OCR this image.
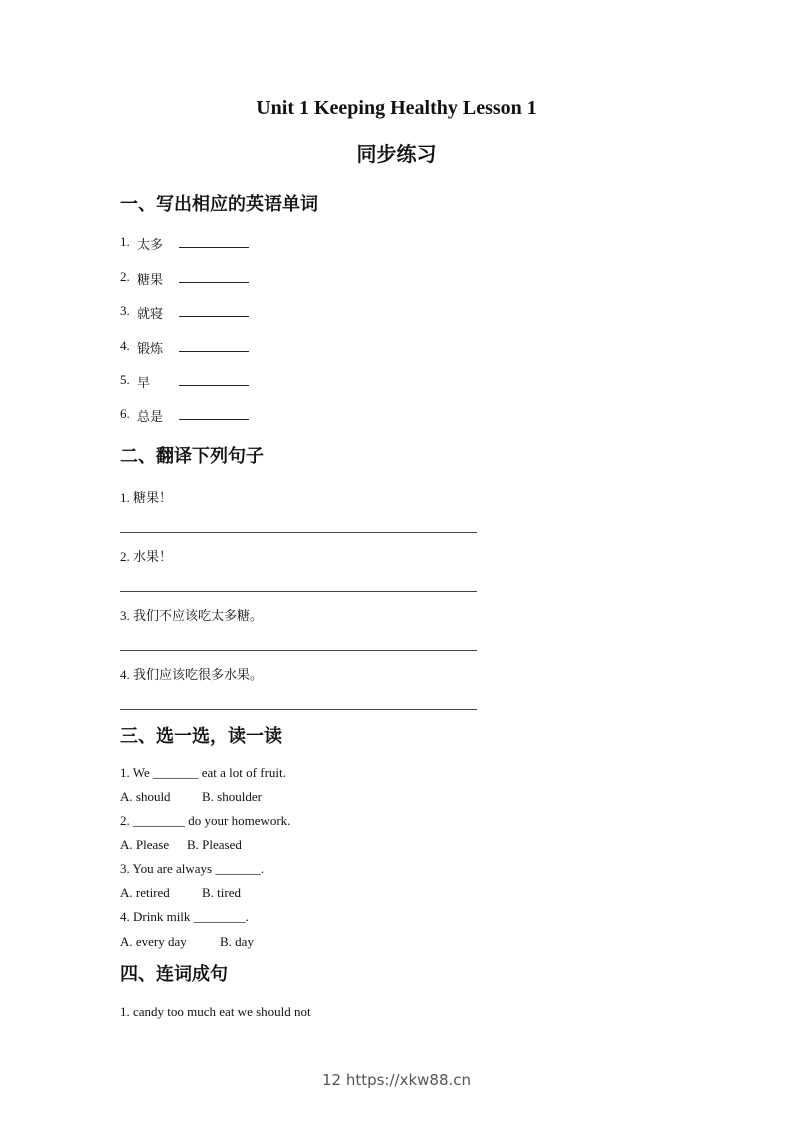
Unit 1 Keeping Healthy Lesson 1
同步练习
一、写出相应的英语单词
1. 太多
2. 糖果
3. 就寝
4. 锻炼
5. 早
6. 总是
二、翻译下列句子
1. 糖果！
2. 水果！
3. 我们不应该吃太多糖。
4. 我们应该吃很多水果。
三、选一选，读一读
1. We _______ eat a lot of fruit.
A. should B. shoulder
2. ________ do your homework.
A. Please B. Pleased
3. You are always _______.
A. retired B. tired
4. Drink milk ________.
A. every day	B. day
四、连词成句
1. candy too much eat we should not
12 https://xkw88.cn
